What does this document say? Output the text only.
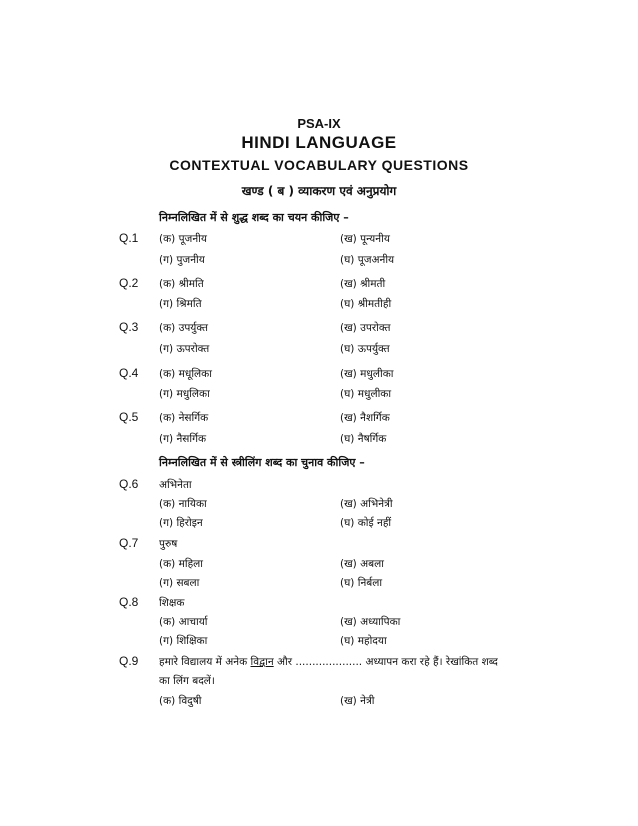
PSA-IX
HINDI LANGUAGE
CONTEXTUAL VOCABULARY QUESTIONS
खण्ड ( ब ) व्याकरण एवं अनुप्रयोग
निम्नलिखित में से शुद्ध शब्द का चयन कीजिए –
Q.1 (क) पूजनीय	(ख) पून्यनीय
(ग) पुजनीय	(घ) पूजअनीय
Q.2 (क) श्रीमति	(ख) श्रीमती
(ग) श्रिमति	(घ) श्रीमतीही
Q.3 (क) उपर्युक्त	(ख) उपरोक्त
(ग) ऊपरोक्त	(घ) ऊपर्युक्त
Q.4 (क) मधूलिका	(ख) मधुलीका
(ग) मधुलिका	(घ) मधुलीका
Q.5 (क) नेसर्गिक	(ख) नैशर्गिक
(ग) नैसर्गिक	(घ) नैषर्गिक
निम्नलिखित में से स्त्रीलिंग शब्द का चुनाव कीजिए –
Q.6 अभिनेता
(क) नायिका	(ख) अभिनेत्री
(ग) हिरोइन	(घ) कोई नहीं
Q.7 पुरुष
(क) महिला	(ख) अबला
(ग) सबला	(घ) निर्बला
Q.8 शिक्षक
(क) आचार्या	(ख) अध्यापिका
(ग) शिक्षिका	(घ) महोदया
Q.9 हमारे विद्यालय में अनेक विद्वान और .................... अध्यापन करा रहे हैं। रेखांकित शब्द
का लिंग बदलें।
(क) विदुषी	(ख) नेत्री
